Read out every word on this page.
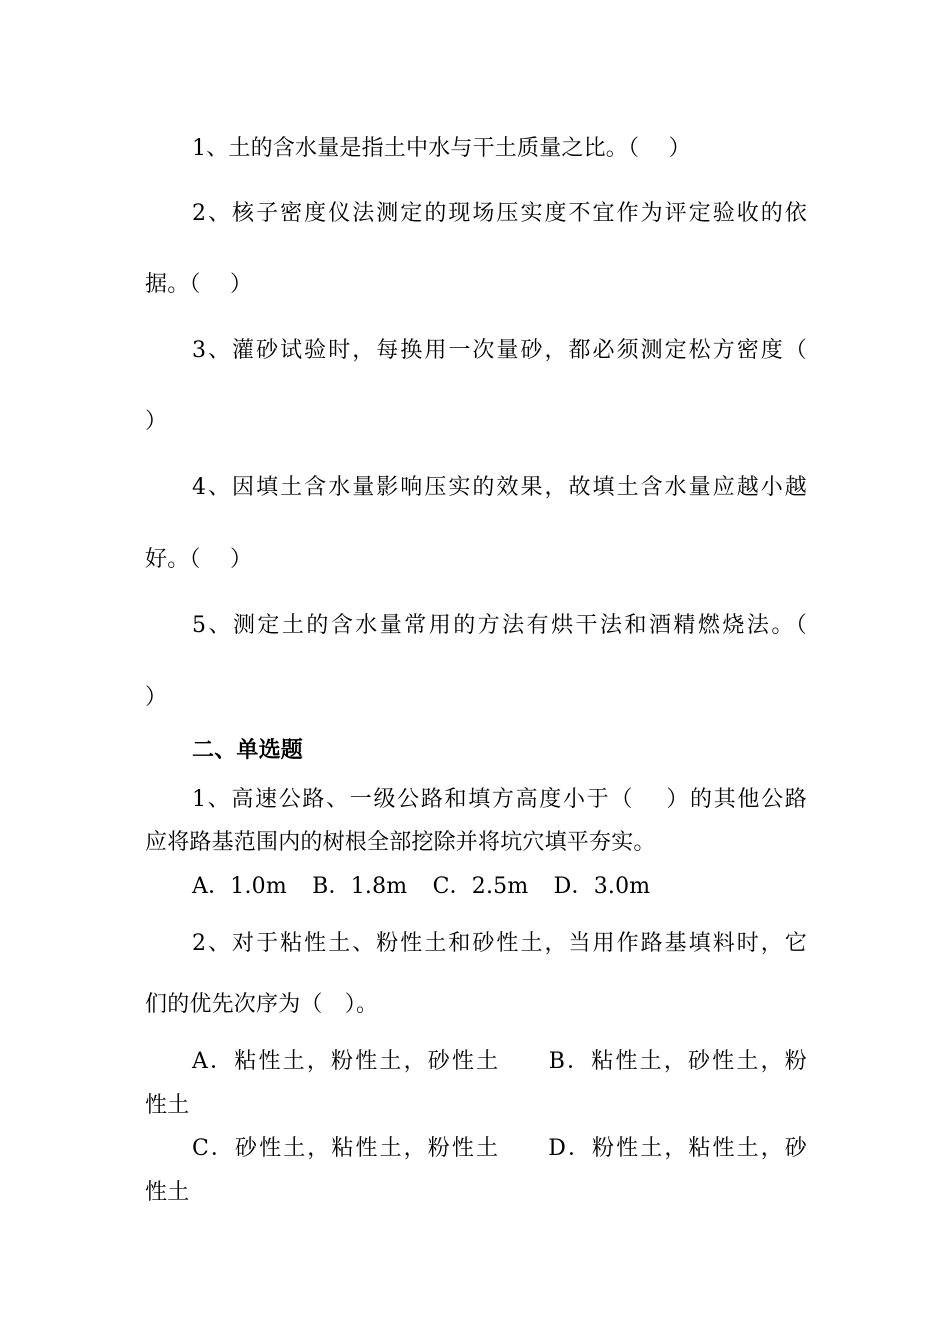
1、土的含水量是指土中水与干土质量之比。（　 ）
2、核子密度仪法测定的现场压实度不宜作为评定验收的依
据。（　 ）
3、灌砂试验时，每换用一次量砂，都必须测定松方密度（
）
4、因填土含水量影响压实的效果，故填土含水量应越小越
好。（　 ）
5、测定土的含水量常用的方法有烘干法和酒精燃烧法。（
）
二、单选题
1、高速公路、一级公路和填方高度小于（　 ）的其他公路
应将路基范围内的树根全部挖除并将坑穴填平夯实。
A．1.0m B．1.8m C．2.5m D．3.0m
2、对于粘性土、粉性土和砂性土，当用作路基填料时，它
们的优先次序为（　）。
A．粘性土，粉性土，砂性土　　B．粘性土，砂性土，粉
性土
C．砂性土，粘性土，粉性土　　D．粉性土，粘性土，砂
性土
